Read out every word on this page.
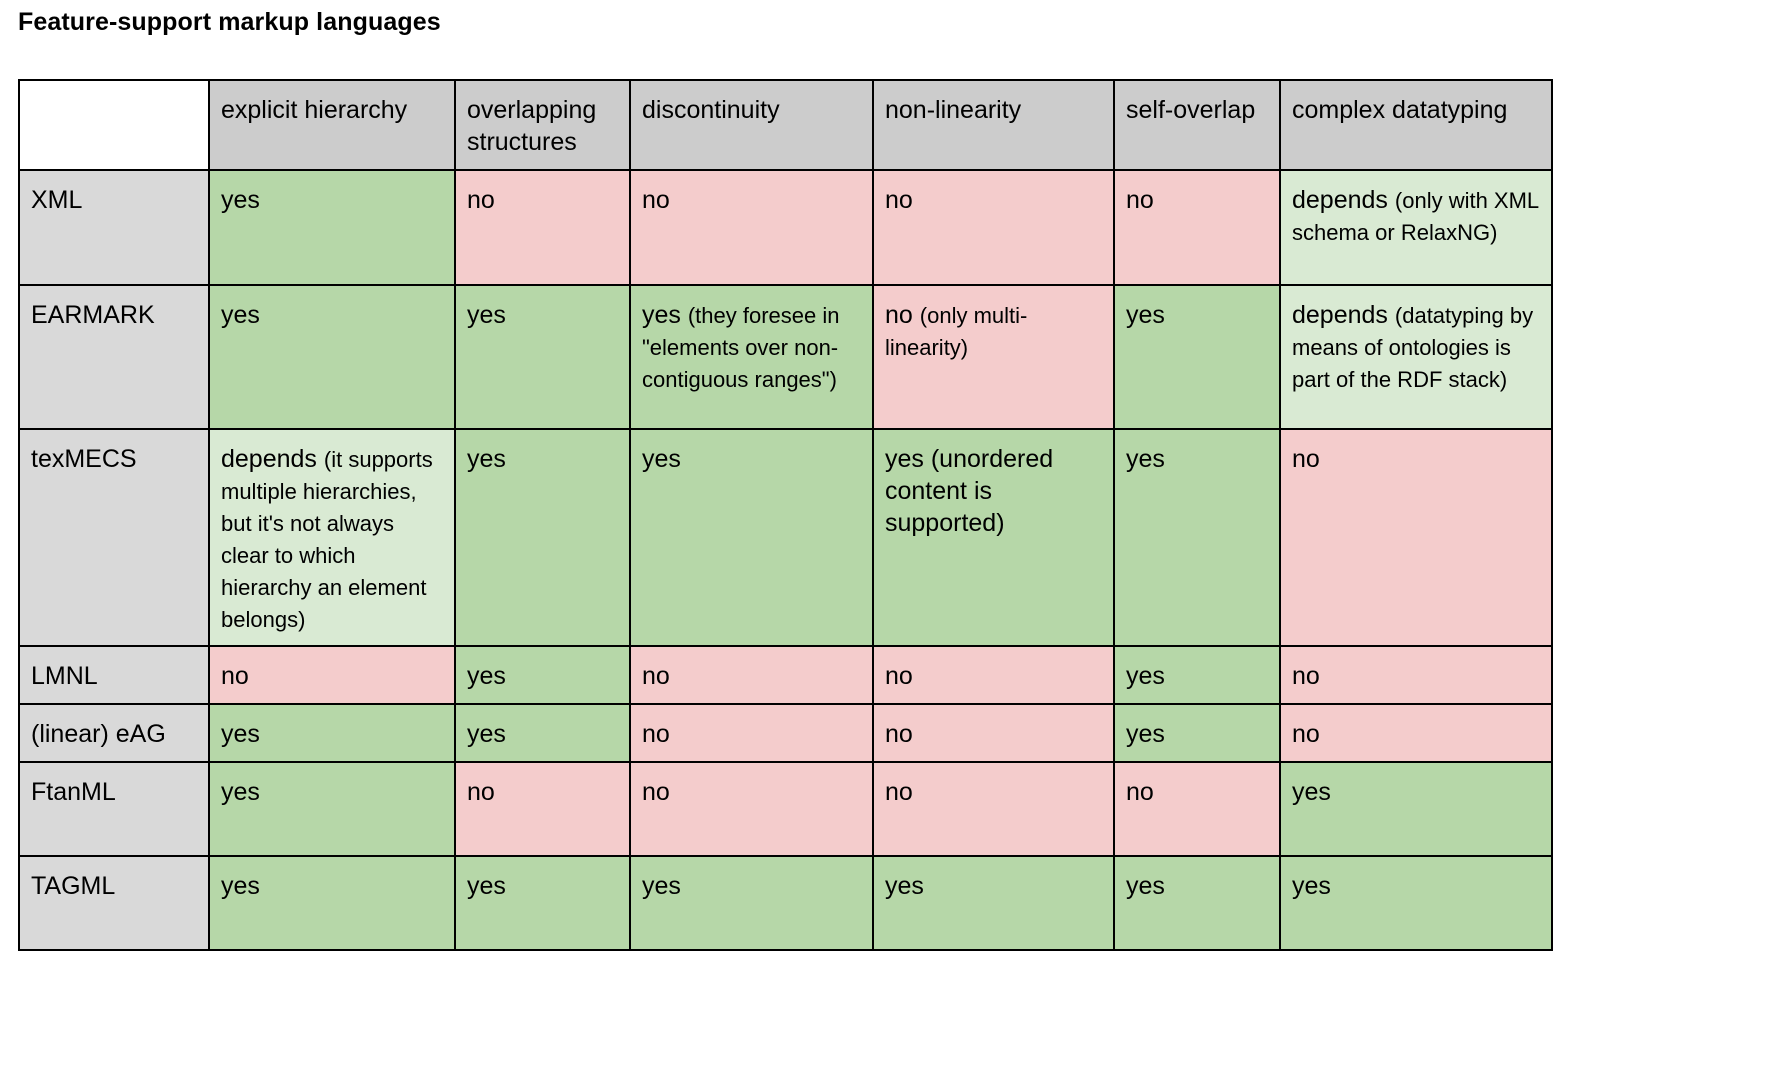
Feature-support markup languages
	explicit hierarchy	overlapping structures	discontinuity	non-linearity	self-overlap	complex datatyping
XML	yes	no	no	no	no	depends (only with XML schema or RelaxNG)
EARMARK	yes	yes	yes (they foresee in "elements over non-contiguous ranges")	no (only multi-linearity)	yes	depends (datatyping by means of ontologies is part of the RDF stack)
texMECS	depends (it supports multiple hierarchies, but it's not always clear to which hierarchy an element belongs)	yes	yes	yes (unordered content is supported)	yes	no
LMNL	no	yes	no	no	yes	no
(linear) eAG	yes	yes	no	no	yes	no
FtanML	yes	no	no	no	no	yes
TAGML	yes	yes	yes	yes	yes	yes
